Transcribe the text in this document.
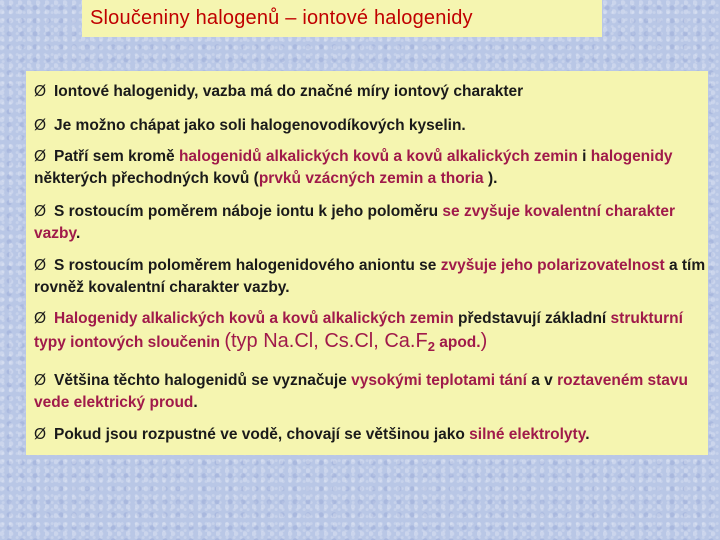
Sloučeniny halogenů – iontové halogenidy
Ø Iontové halogenidy, vazba má do značné míry iontový charakter
Ø Je možno chápat jako soli halogenovodíkových kyselin.
Ø Patří sem kromě halogenidů alkalických kovů a kovů alkalických zemin i halogenidy některých přechodných kovů (prvků vzácných zemin a thoria ).
Ø S rostoucím poměrem náboje iontu k jeho poloměru se zvyšuje kovalentní charakter vazby.
Ø S rostoucím poloměrem halogenidového aniontu se zvyšuje jeho polarizovatelnost a tím rovněž kovalentní charakter vazby.
Ø Halogenidy alkalických kovů a kovů alkalických zemin představují základní strukturní typy iontových sloučenin (typ Na.Cl, Cs.Cl, $Ca.F_2$ apod.)
Ø Většina těchto halogenidů se vyznačuje vysokými teplotami tání a v roztaveném stavu vede elektrický proud.
Ø Pokud jsou rozpustné ve vodě, chovají se většinou jako silné elektrolyty.
